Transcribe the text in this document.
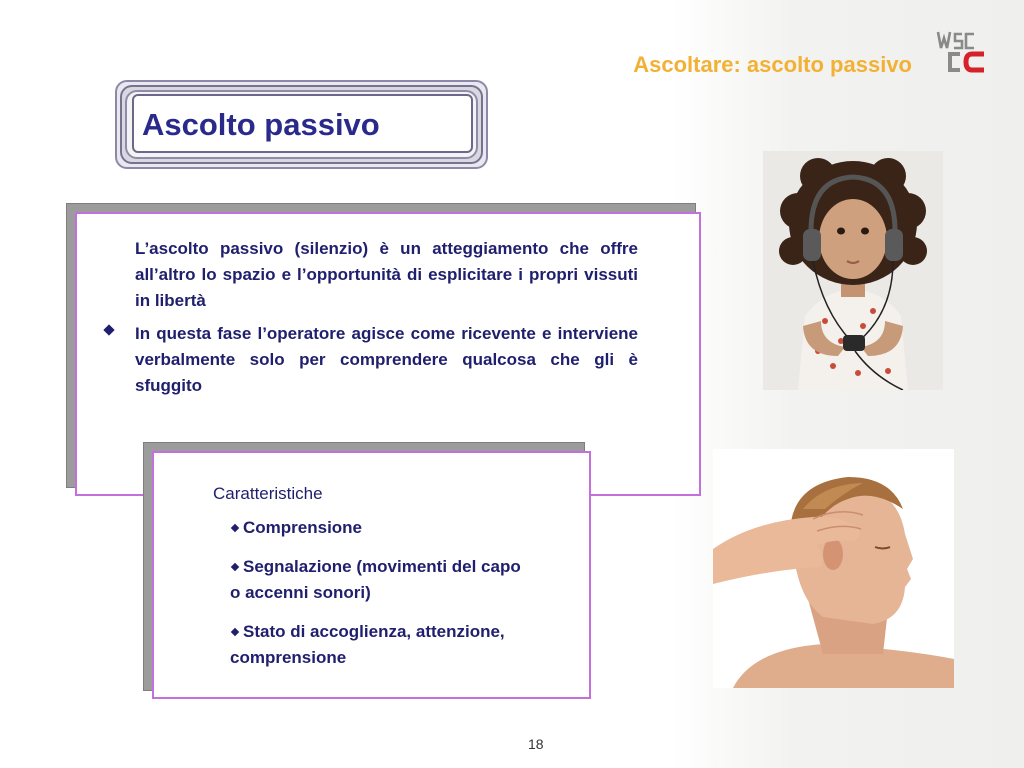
Ascoltare: ascolto passivo
Ascolto passivo
L’ascolto passivo (silenzio) è un atteggiamento che offre all’altro lo spazio e l’opportunità di esplicitare i propri vissuti in libertà
In questa fase l’operatore agisce come ricevente e interviene verbalmente solo per comprendere qualcosa che gli è sfuggito
Caratteristiche
Comprensione
Segnalazione (movimenti del capo o accenni sonori)
Stato di accoglienza, attenzione, comprensione
18
